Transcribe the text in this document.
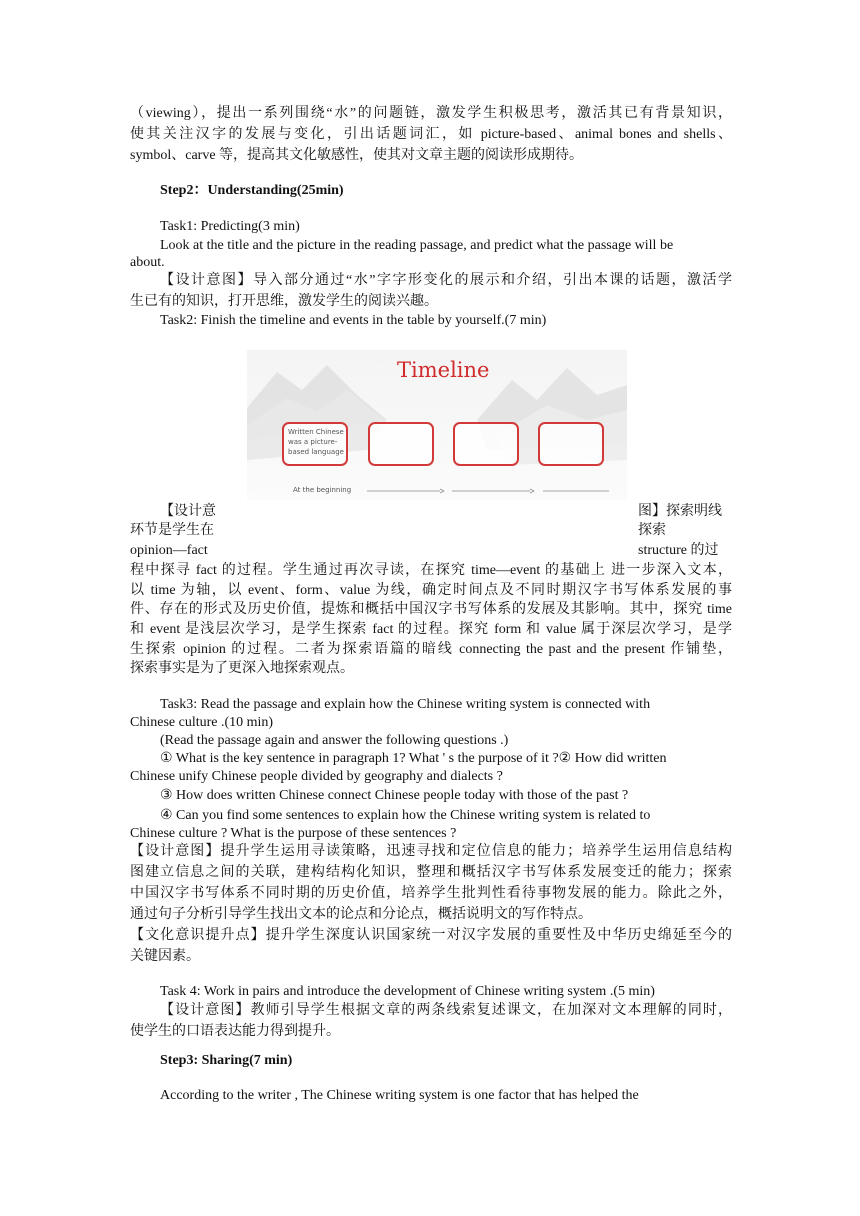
（viewing），提出一系列围绕“水”的问题链，激发学生积极思考，激活其已有背景知识，
使其关注汉字的发展与变化，引出话题词汇，如 picture-based、animal bones and shells、
symbol、carve 等，提高其文化敏感性，使其对文章主题的阅读形成期待。
Step2：Understanding(25min)
Task1: Predicting(3 min)
Look at the title and the picture in the reading passage, and predict what the passage will be
about.
【设计意图】导入部分通过“水”字字形变化的展示和介绍，引出本课的话题，激活学
生已有的知识，打开思维，激发学生的阅读兴趣。
Task2: Finish the timeline and events in the table by yourself.(7 min)
Timeline
Written Chinese was a picture-based language
At the beginning
【设计意	图】探索明线
环节是学生在	探索
opinion—fact	structure 的过
程中探寻 fact 的过程。学生通过再次寻读，在探究 time—event 的基础上 进一步深入文本，
以 time 为轴，以 event、form、value 为线，确定时间点及不同时期汉字书写体系发展的事
件、存在的形式及历史价值，提炼和概括中国汉字书写体系的发展及其影响。其中，探究 time
和 event 是浅层次学习，是学生探索 fact 的过程。探究 form 和 value 属于深层次学习，是学
生探索 opinion 的过程。二者为探索语篇的暗线 connecting the past and the present 作铺垫，
探索事实是为了更深入地探索观点。
Task3: Read the passage and explain how the Chinese writing system is connected with
Chinese culture .(10 min)
(Read the passage again and answer the following questions .)
① What is the key sentence in paragraph 1? What ' s the purpose of it ?② How did written
Chinese unify Chinese people divided by geography and dialects ?
③ How does written Chinese connect Chinese people today with those of the past ?
④ Can you find some sentences to explain how the Chinese writing system is related to
Chinese culture ? What is the purpose of these sentences ?
【设计意图】提升学生运用寻读策略，迅速寻找和定位信息的能力；培养学生运用信息结构
图建立信息之间的关联，建构结构化知识，整理和概括汉字书写体系发展变迁的能力；探索
中国汉字书写体系不同时期的历史价值，培养学生批判性看待事物发展的能力。除此之外，
通过句子分析引导学生找出文本的论点和分论点，概括说明文的写作特点。
【文化意识提升点】提升学生深度认识国家统一对汉字发展的重要性及中华历史绵延至今的
关键因素。
Task 4: Work in pairs and introduce the development of Chinese writing system .(5 min)
【设计意图】教师引导学生根据文章的两条线索复述课文，在加深对文本理解的同时，
使学生的口语表达能力得到提升。
Step3: Sharing(7 min)
According to the writer , The Chinese writing system is one factor that has helped the
